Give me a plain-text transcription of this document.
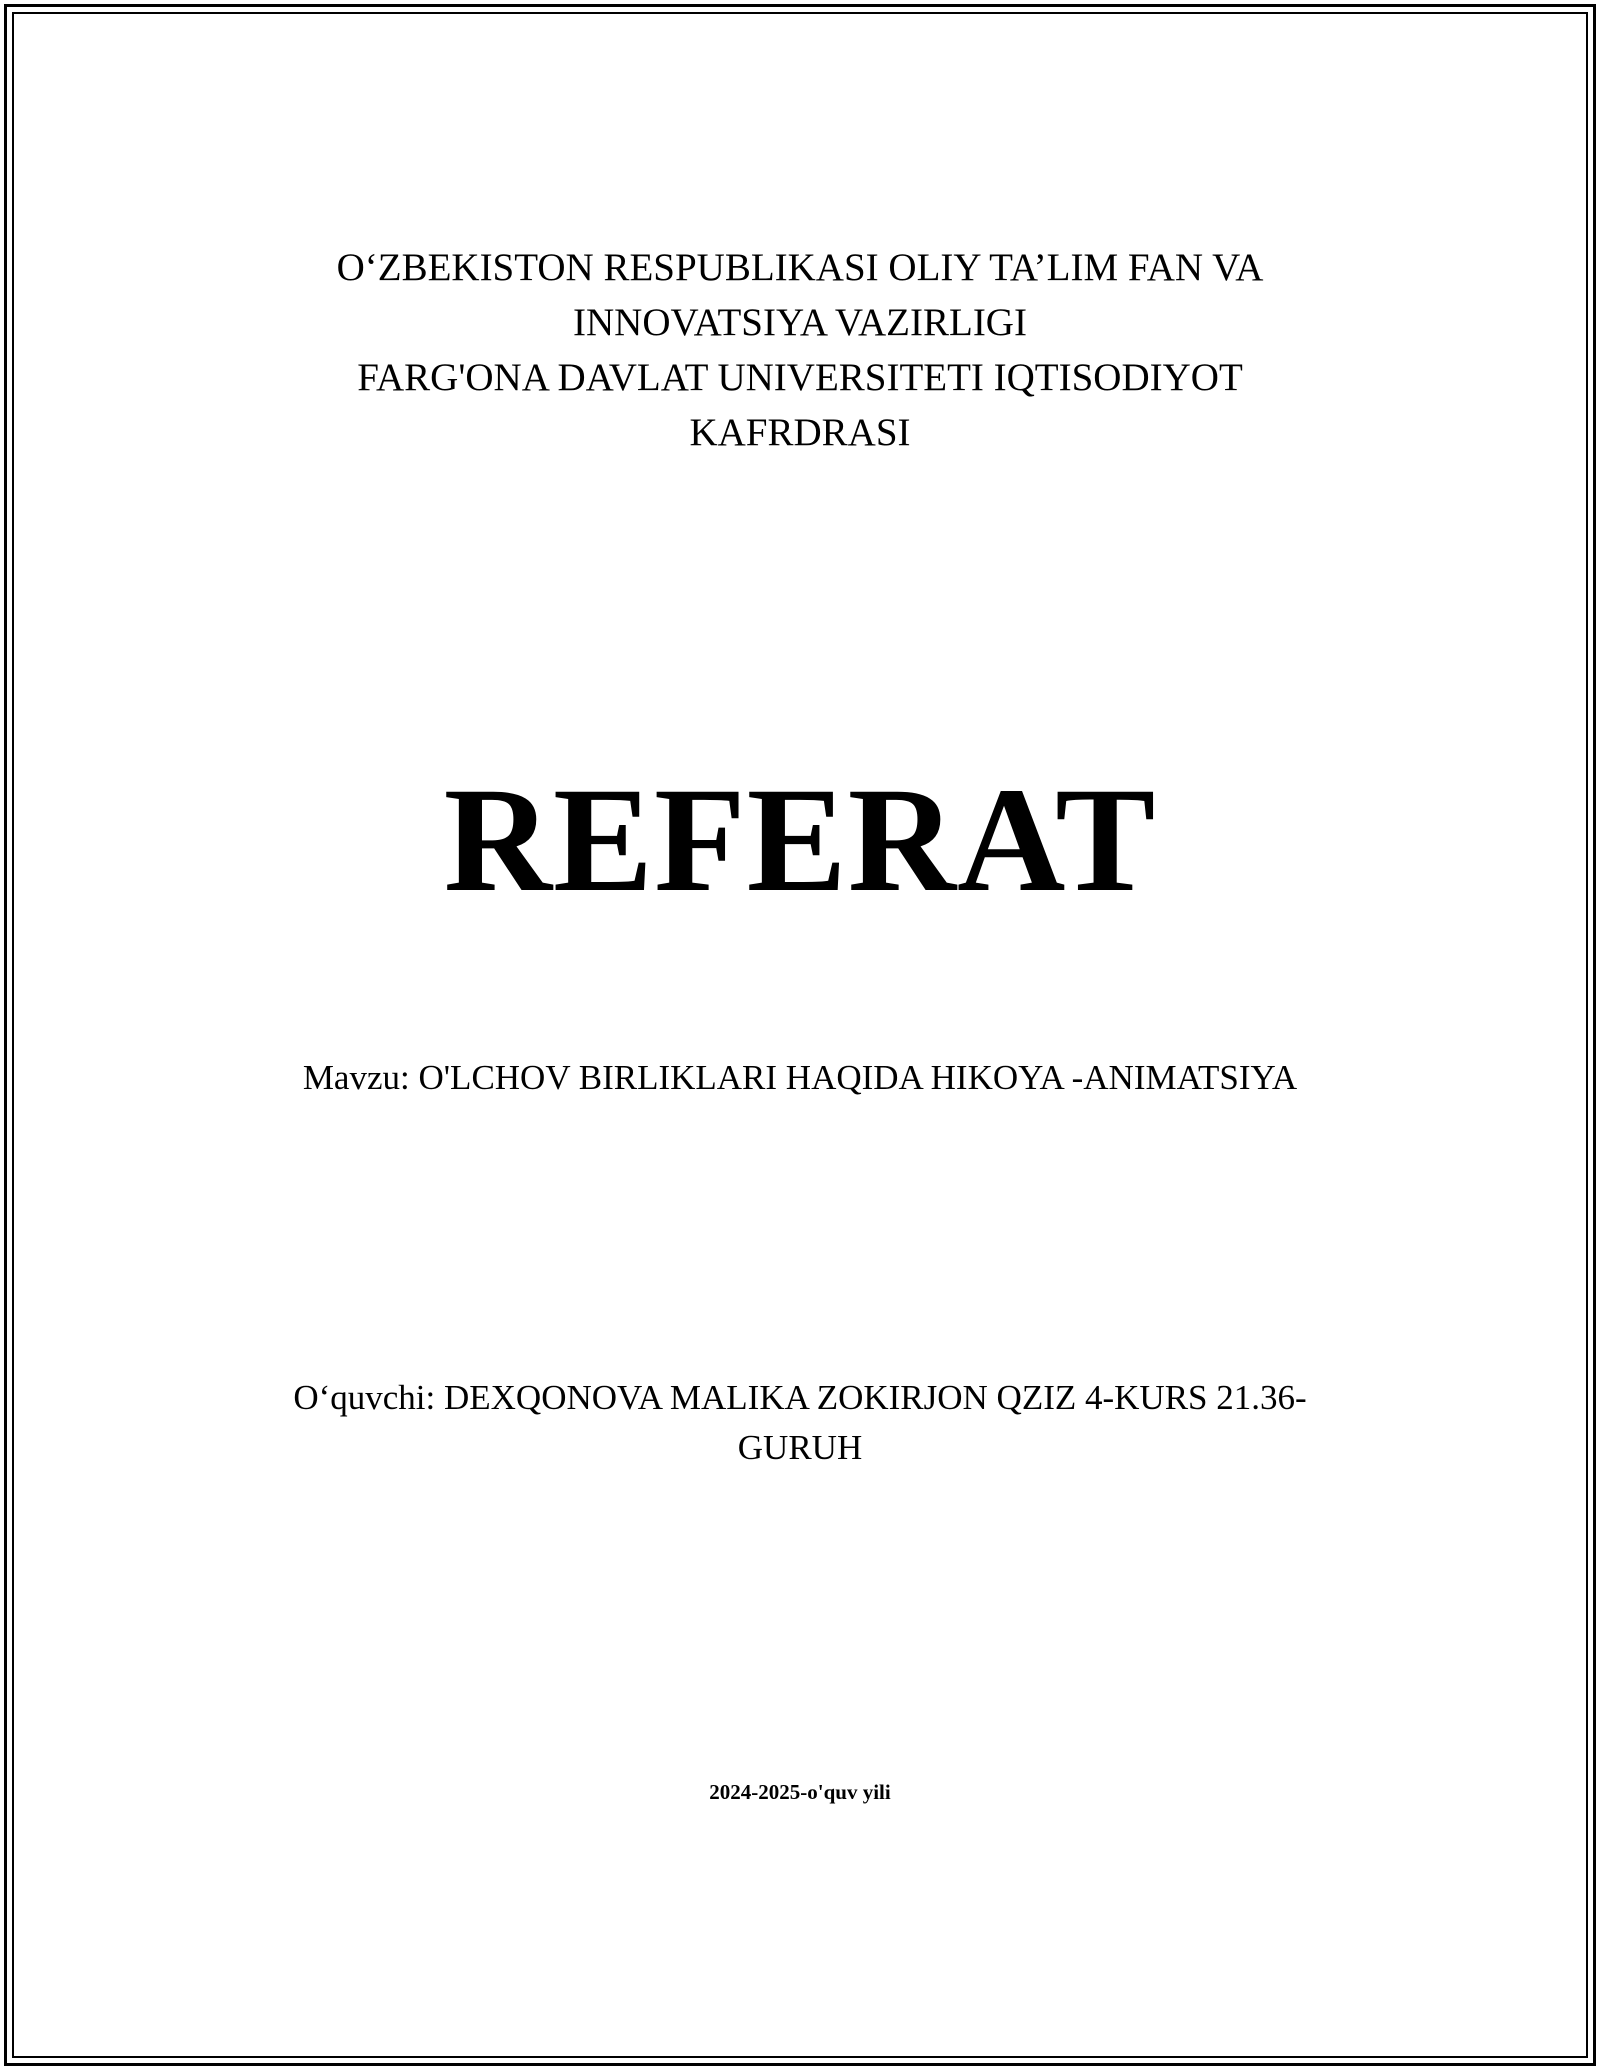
O‘ZBEKISTON RESPUBLIKASI OLIY TA’LIM FAN VA
INNOVATSIYA VAZIRLIGI
FARG'ONA DAVLAT UNIVERSITETI IQTISODIYOT
KAFRDRASI
REFERAT
Mavzu: O'LCHOV BIRLIKLARI HAQIDA HIKOYA -ANIMATSIYA
O‘quvchi: DEXQONOVA MALIKA ZOKIRJON QZIZ 4-KURS 21.36-
GURUH
2024-2025-o'quv yili
